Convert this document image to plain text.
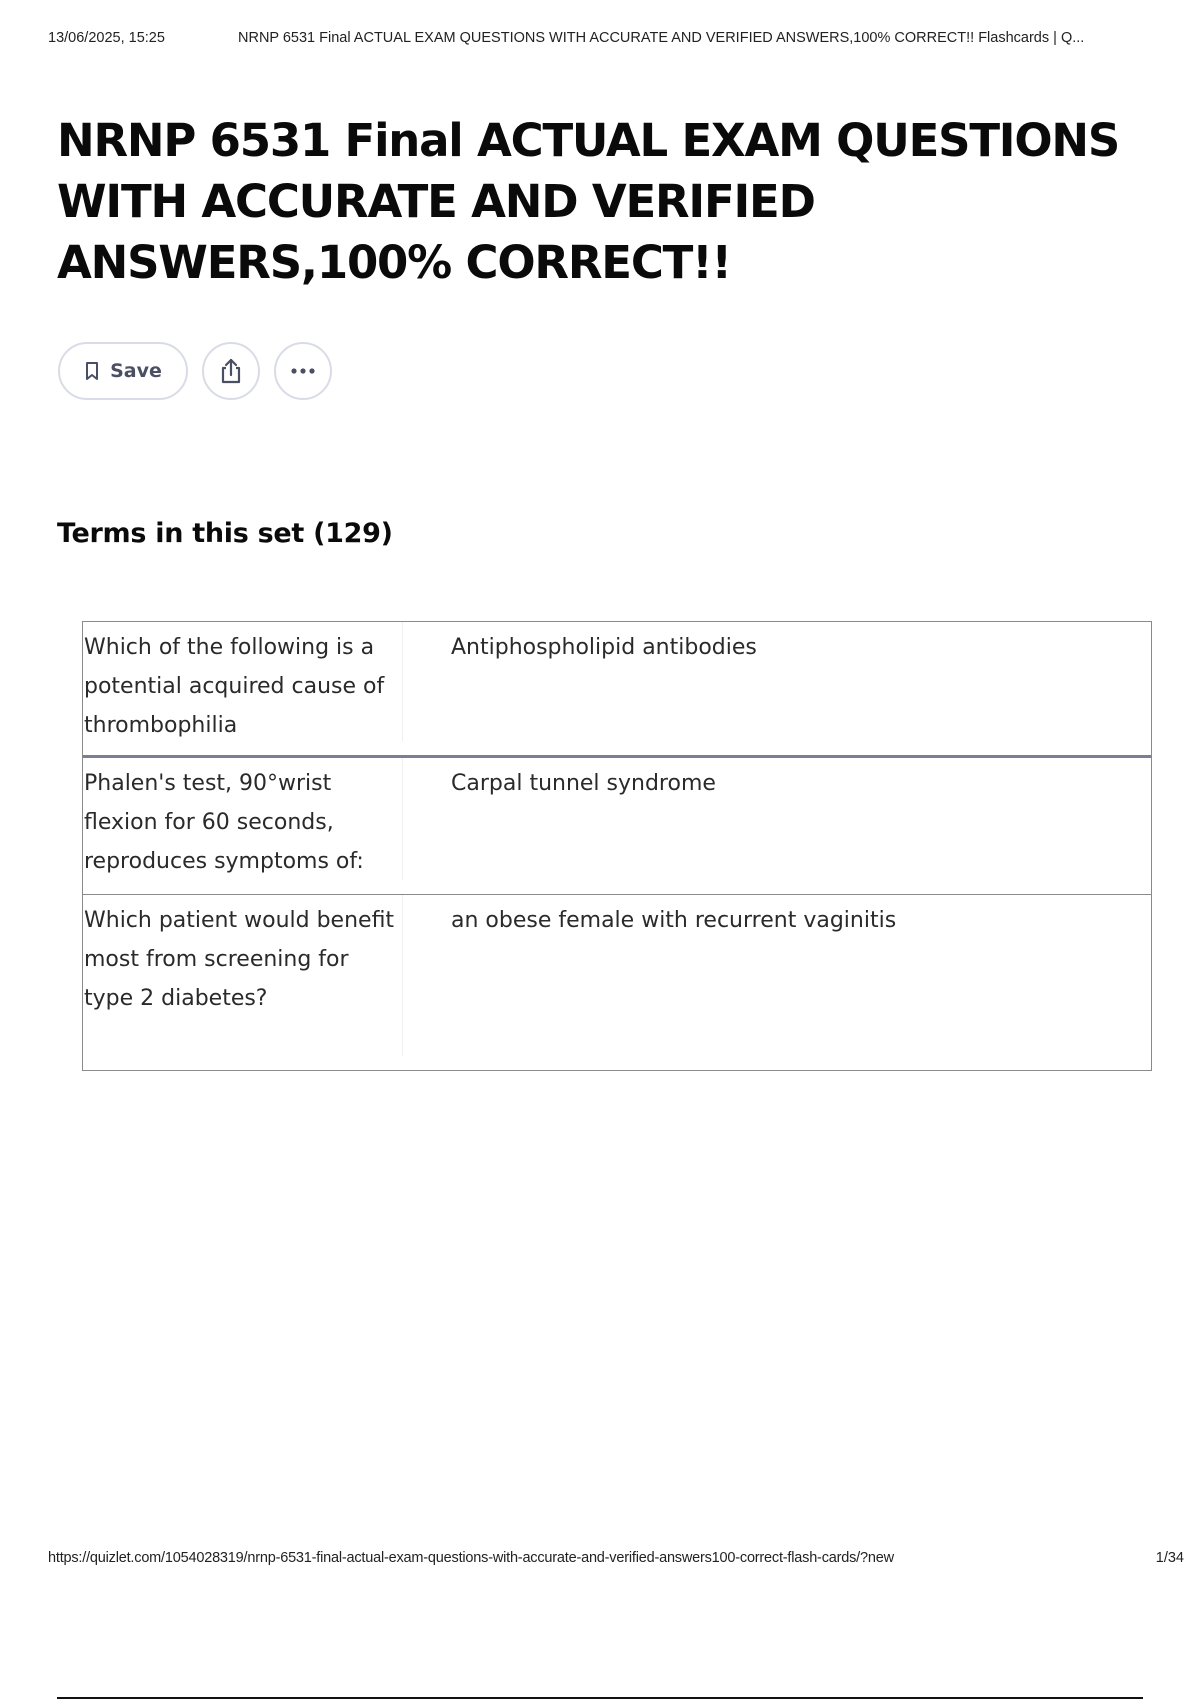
13/06/2025, 15:25	NRNP 6531 Final ACTUAL EXAM QUESTIONS WITH ACCURATE AND VERIFIED ANSWERS,100% CORRECT!! Flashcards | Q...
NRNP 6531 Final ACTUAL EXAM QUESTIONS WITH ACCURATE AND VERIFIED ANSWERS,100% CORRECT!!
Save
Terms in this set (129)
Which of the following is a potential acquired cause of thrombophilia
Antiphospholipid antibodies
Phalen's test, 90°wrist flexion for 60 seconds, reproduces symptoms of:
Carpal tunnel syndrome
Which patient would benefit most from screening for type 2 diabetes?
an obese female with recurrent vaginitis
https://quizlet.com/1054028319/nrnp-6531-final-actual-exam-questions-with-accurate-and-verified-answers100-correct-flash-cards/?new	1/34
